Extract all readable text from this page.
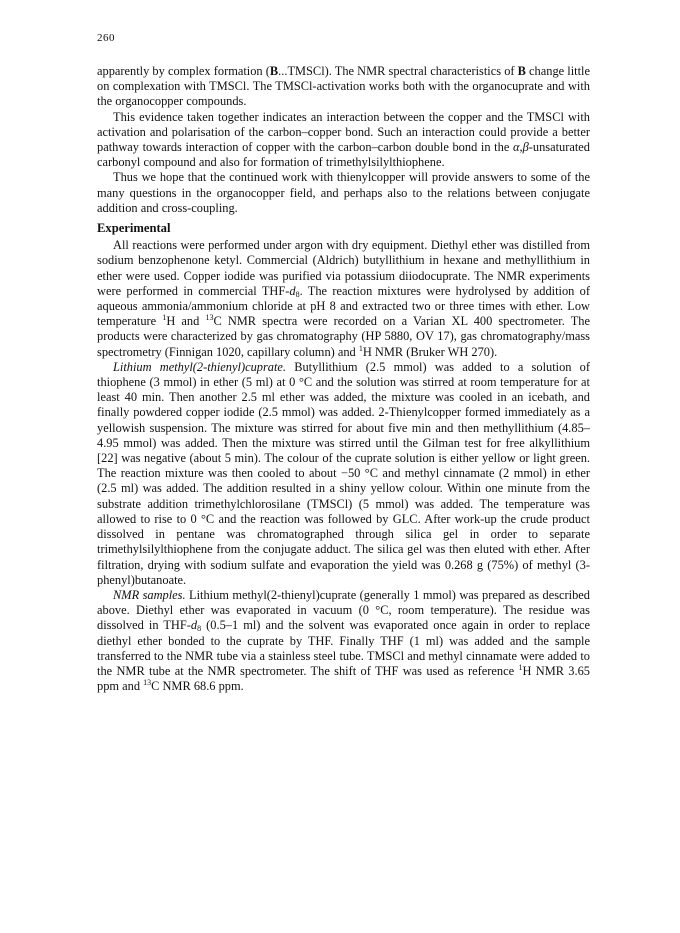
260

apparently by complex formation (B...TMSCl). The NMR spectral characteristics of B change little on complexation with TMSCl. The TMSCl-activation works both with the organocuprate and with the organocopper compounds.

This evidence taken together indicates an interaction between the copper and the TMSCl with activation and polarisation of the carbon–copper bond. Such an interaction could provide a better pathway towards interaction of copper with the carbon–carbon double bond in the α,β-unsaturated carbonyl compound and also for formation of trimethylsilylthiophene.

Thus we hope that the continued work with thienylcopper will provide answers to some of the many questions in the organocopper field, and perhaps also to the relations between conjugate addition and cross-coupling.

Experimental

All reactions were performed under argon with dry equipment. Diethyl ether was distilled from sodium benzophenone ketyl. Commercial (Aldrich) butyllithium in hexane and methyllithium in ether were used. Copper iodide was purified via potassium diiodocuprate. The NMR experiments were performed in commercial THF-$d_8$. The reaction mixtures were hydrolysed by addition of aqueous ammonia/ammonium chloride at pH 8 and extracted two or three times with ether. Low temperature $^1$H and $^{13}$C NMR spectra were recorded on a Varian XL 400 spectrometer. The products were characterized by gas chromatography (HP 5880, OV 17), gas chromatography/mass spectrometry (Finnigan 1020, capillary column) and $^1$H NMR (Bruker WH 270).

Lithium methyl(2-thienyl)cuprate. Butyllithium (2.5 mmol) was added to a solution of thiophene (3 mmol) in ether (5 ml) at 0 °C and the solution was stirred at room temperature for at least 40 min. Then another 2.5 ml ether was added, the mixture was cooled in an icebath, and finally powdered copper iodide (2.5 mmol) was added. 2-Thienylcopper formed immediately as a yellowish suspension. The mixture was stirred for about five min and then methyllithium (4.85–4.95 mmol) was added. Then the mixture was stirred until the Gilman test for free alkyllithium [22] was negative (about 5 min). The colour of the cuprate solution is either yellow or light green. The reaction mixture was then cooled to about −50 °C and methyl cinnamate (2 mmol) in ether (2.5 ml) was added. The addition resulted in a shiny yellow colour. Within one minute from the substrate addition trimethylchlorosilane (TMSCl) (5 mmol) was added. The temperature was allowed to rise to 0 °C and the reaction was followed by GLC. After work-up the crude product dissolved in pentane was chromatographed through silica gel in order to separate trimethylsilylthiophene from the conjugate adduct. The silica gel was then eluted with ether. After filtration, drying with sodium sulfate and evaporation the yield was 0.268 g (75%) of methyl (3-phenyl)butanoate.

NMR samples. Lithium methyl(2-thienyl)cuprate (generally 1 mmol) was prepared as described above. Diethyl ether was evaporated in vacuum (0 °C, room temperature). The residue was dissolved in THF-$d_8$ (0.5–1 ml) and the solvent was evaporated once again in order to replace diethyl ether bonded to the cuprate by THF. Finally THF (1 ml) was added and the sample transferred to the NMR tube via a stainless steel tube. TMSCl and methyl cinnamate were added to the NMR tube at the NMR spectrometer. The shift of THF was used as reference $^1$H NMR 3.65 ppm and $^{13}$C NMR 68.6 ppm.
